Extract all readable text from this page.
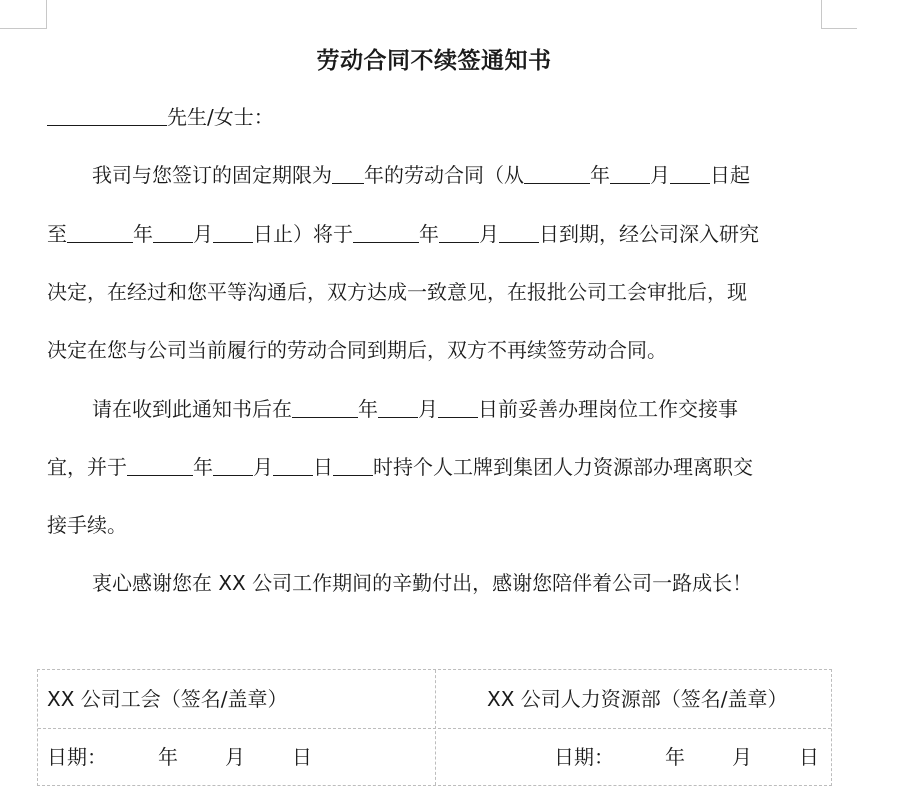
劳动合同不续签通知书
先生/女士：
我司与您签订的固定期限为 年的劳动合同（从	年 月 日起
至	年 月 日止）将于	年 月 日到期，经公司深入研究
决定，在经过和您平等沟通后，双方达成一致意见，在报批公司工会审批后，现
决定在您与公司当前履行的劳动合同到期后，双方不再续签劳动合同。
请在收到此通知书后在	年 月 日前妥善办理岗位工作交接事
宜，并于	年 月 日 时持个人工牌到集团人力资源部办理离职交
接手续。
衷心感谢您在 XX 公司工作期间的辛勤付出，感谢您陪伴着公司一路成长！
XX 公司工会（签名/盖章）	XX 公司人力资源部（签名/盖章）
日期：	年 月 日	日期：	年 月 日
